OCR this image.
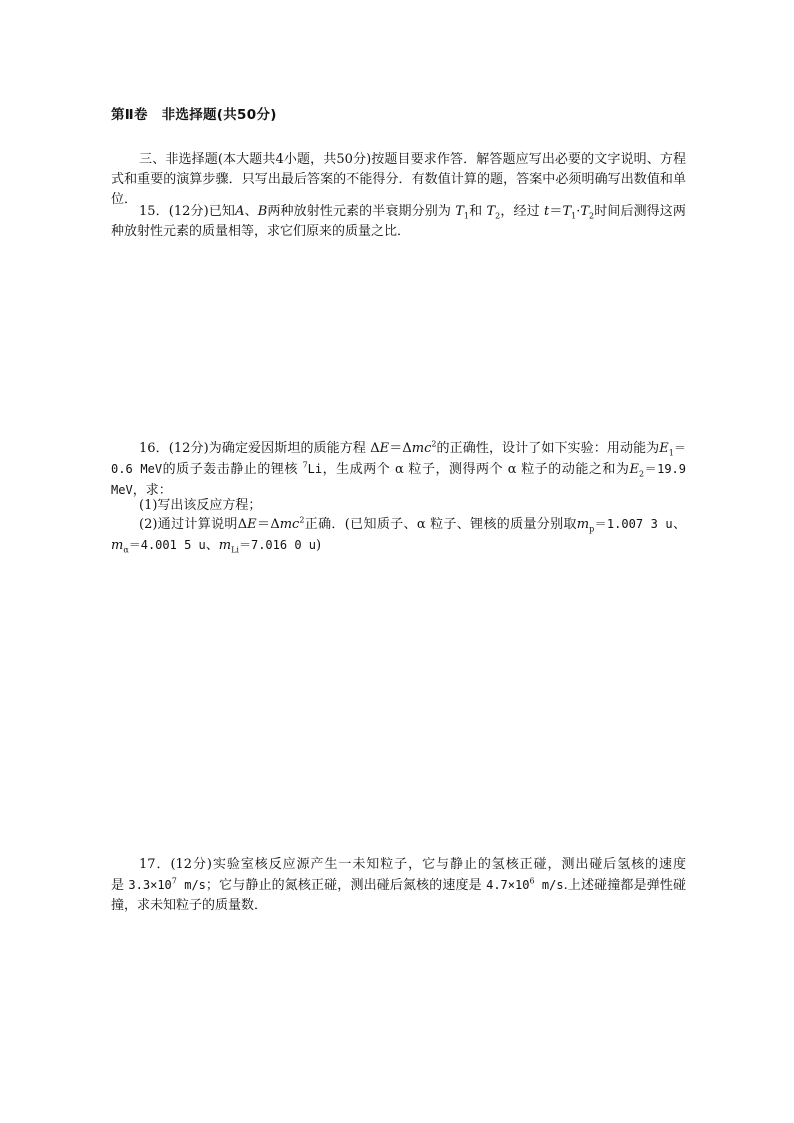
第Ⅱ卷　非选择题(共50分)
三、非选择题(本大题共4小题，共50分)按题目要求作答．解答题应写出必要的文字说明、方程式和重要的演算步骤．只写出最后答案的不能得分．有数值计算的题，答案中必须明确写出数值和单位．
15．(12分)已知A、B两种放射性元素的半衰期分别为 $T_1$和 $T_2$，经过 $t=T_1\cdot T_2$时间后测得这两种放射性元素的质量相等，求它们原来的质量之比．
16．(12分)为确定爱因斯坦的质能方程 ΔE＝Δmc$^2$的正确性，设计了如下实验：用动能为$E_1=0.6$ MeV的质子轰击静止的锂核 $^7$Li，生成两个 α 粒子，测得两个 α 粒子的动能之和为$E_2=19.9$ MeV，求：
(1)写出该反应方程；
(2)通过计算说明ΔE＝Δmc$^2$正确．(已知质子、α 粒子、锂核的质量分别取$m_p=1.007$ 3 u、$m_\alpha=4.001$ 5 u、$m_{Li}=7.016$ 0 u)
17．(12分)实验室核反应源产生一未知粒子，它与静止的氢核正碰，测出碰后氢核的速度是 $3.3\times 10^7$ m/s；它与静止的氮核正碰，测出碰后氮核的速度是 $4.7\times 10^6$ m/s.上述碰撞都是弹性碰撞，求未知粒子的质量数．
